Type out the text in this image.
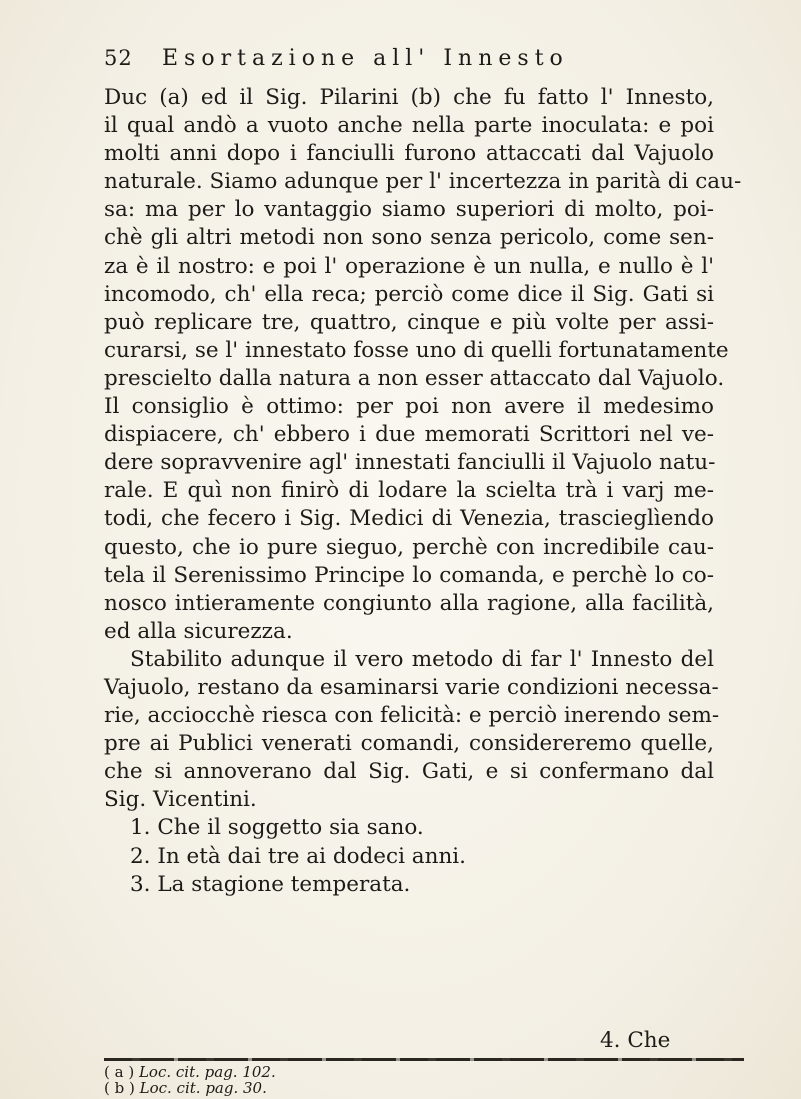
52 Esortazione all' Innesto
Duc (a) ed il Sig. Pilarini (b) che fu fatto l' Innesto,
il qual andò a vuoto anche nella parte inoculata: e poi
molti anni dopo i fanciulli furono attaccati dal Vajuolo
naturale. Siamo adunque per l' incertezza in parità di cau-
sa: ma per lo vantaggio siamo superiori di molto, poi-
chè gli altri metodi non sono senza pericolo, come sen-
za è il nostro: e poi l' operazione è un nulla, e nullo è l'
incomodo, ch' ella reca; perciò come dice il Sig. Gati si
può replicare tre, quattro, cinque e più volte per assi-
curarsi, se l' innestato fosse uno di quelli fortunatamente
prescielto dalla natura a non esser attaccato dal Vajuolo.
Il consiglio è ottimo: per poi non avere il medesimo
dispiacere, ch' ebbero i due memorati Scrittori nel ve-
dere sopravvenire agl' innestati fanciulli il Vajuolo natu-
rale. E quì non finirò di lodare la scielta trà i varj me-
todi, che fecero i Sig. Medici di Venezia, trascieglìendo
questo, che io pure sieguo, perchè con incredibile cau-
tela il Serenissimo Principe lo comanda, e perchè lo co-
nosco intieramente congiunto alla ragione, alla facilità,
ed alla sicurezza.
Stabilito adunque il vero metodo di far l' Innesto del
Vajuolo, restano da esaminarsi varie condizioni necessa-
rie, acciocchè riesca con felicità: e perciò inerendo sem-
pre ai Publici venerati comandi, considereremo quelle,
che si annoverano dal Sig. Gati, e si confermano dal
Sig. Vicentini.
1. Che il soggetto sia sano.
2. In età dai tre ai dodeci anni.
3. La stagione temperata.
4. Che
( a ) Loc. cit. pag. 102.
( b ) Loc. cit. pag. 30.
